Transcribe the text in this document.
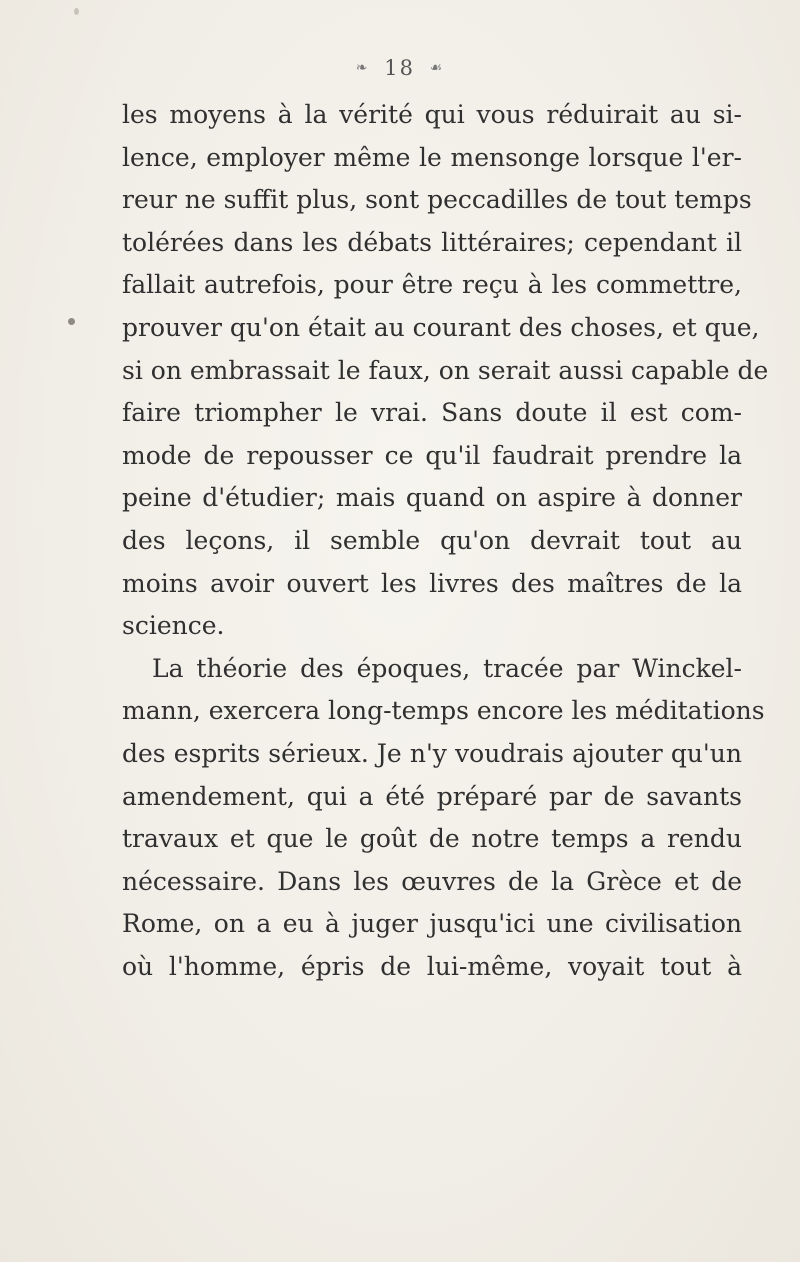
❧ 18 ☙
les moyens à la vérité qui vous réduirait au si-
lence, employer même le mensonge lorsque l'er-
reur ne suffit plus, sont peccadilles de tout temps
tolérées dans les débats littéraires; cependant il
fallait autrefois, pour être reçu à les commettre,
prouver qu'on était au courant des choses, et que,
si on embrassait le faux, on serait aussi capable de
faire triompher le vrai. Sans doute il est com-
mode de repousser ce qu'il faudrait prendre la
peine d'étudier; mais quand on aspire à donner
des leçons, il semble qu'on devrait tout au
moins avoir ouvert les livres des maîtres de la
science.
La théorie des époques, tracée par Winckel-
mann, exercera long-temps encore les méditations
des esprits sérieux. Je n'y voudrais ajouter qu'un
amendement, qui a été préparé par de savants
travaux et que le goût de notre temps a rendu
nécessaire. Dans les œuvres de la Grèce et de
Rome, on a eu à juger jusqu'ici une civilisation
où l'homme, épris de lui-même, voyait tout à
